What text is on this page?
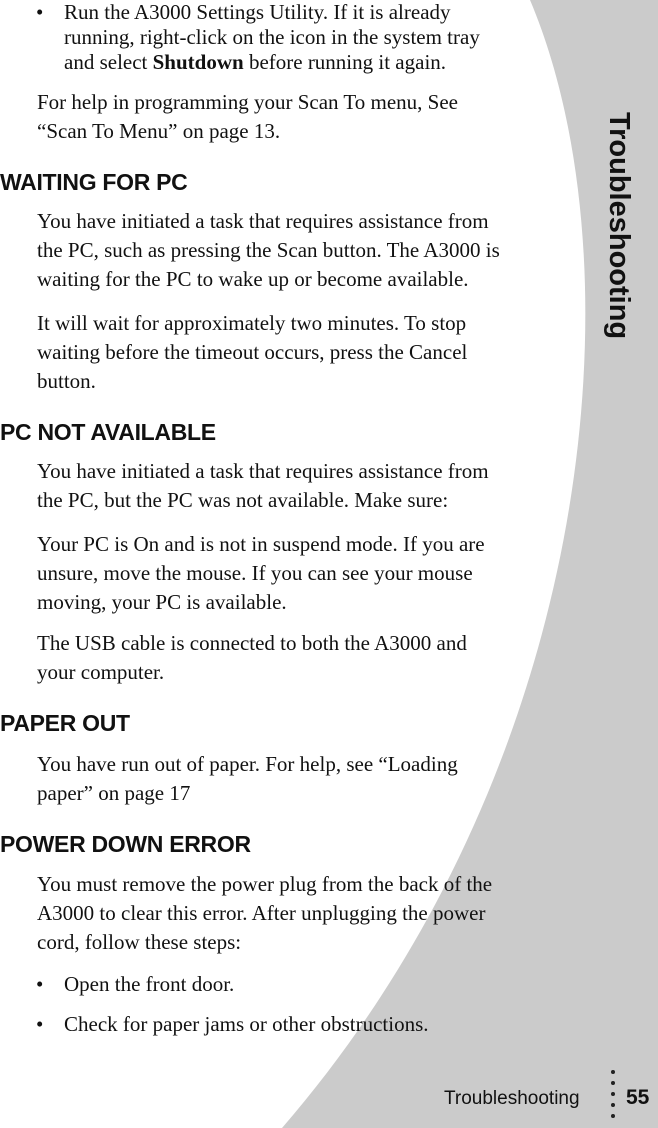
Troubleshooting
• Run the A3000 Settings Utility. If it is already
running, right-click on the icon in the system tray
and select Shutdown before running it again.
For help in programming your Scan To menu, See
“Scan To Menu” on page 13.
WAITING FOR PC
You have initiated a task that requires assistance from
the PC, such as pressing the Scan button. The A3000 is
waiting for the PC to wake up or become available.
It will wait for approximately two minutes. To stop
waiting before the timeout occurs, press the Cancel
button.
PC NOT AVAILABLE
You have initiated a task that requires assistance from
the PC, but the PC was not available. Make sure:
Your PC is On and is not in suspend mode. If you are
unsure, move the mouse. If you can see your mouse
moving, your PC is available.
The USB cable is connected to both the A3000 and
your computer.
PAPER OUT
You have run out of paper. For help, see “Loading
paper” on page 17
POWER DOWN ERROR
You must remove the power plug from the back of the
A3000 to clear this error. After unplugging the power
cord, follow these steps:
• Open the front door.
• Check for paper jams or other obstructions.
Troubleshooting 55
